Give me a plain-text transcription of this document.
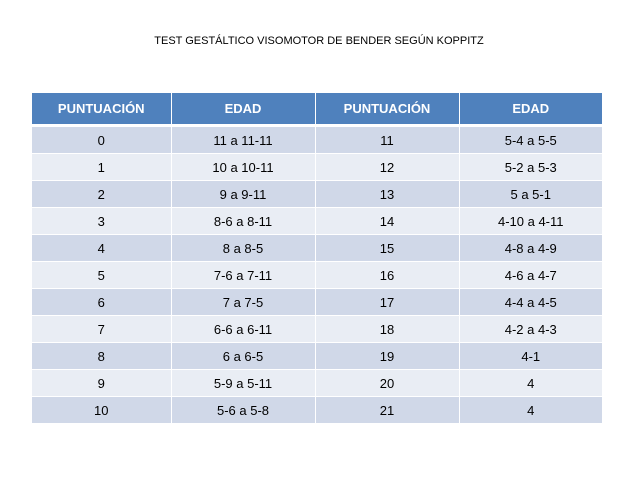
TEST GESTÁLTICO VISOMOTOR DE BENDER SEGÚN KOPPITZ
PUNTUACIÓN	EDAD	PUNTUACIÓN	EDAD
0	11 a 11-11	11	5-4 a 5-5
1	10 a 10-11	12	5-2 a 5-3
2	9 a 9-11	13	5 a 5-1
3	8-6 a 8-11	14	4-10 a 4-11
4	8 a 8-5	15	4-8 a 4-9
5	7-6 a 7-11	16	4-6 a 4-7
6	7 a 7-5	17	4-4 a 4-5
7	6-6 a 6-11	18	4-2 a 4-3
8	6 a 6-5	19	4-1
9	5-9 a 5-11	20	4
10	5-6 a 5-8	21	4
